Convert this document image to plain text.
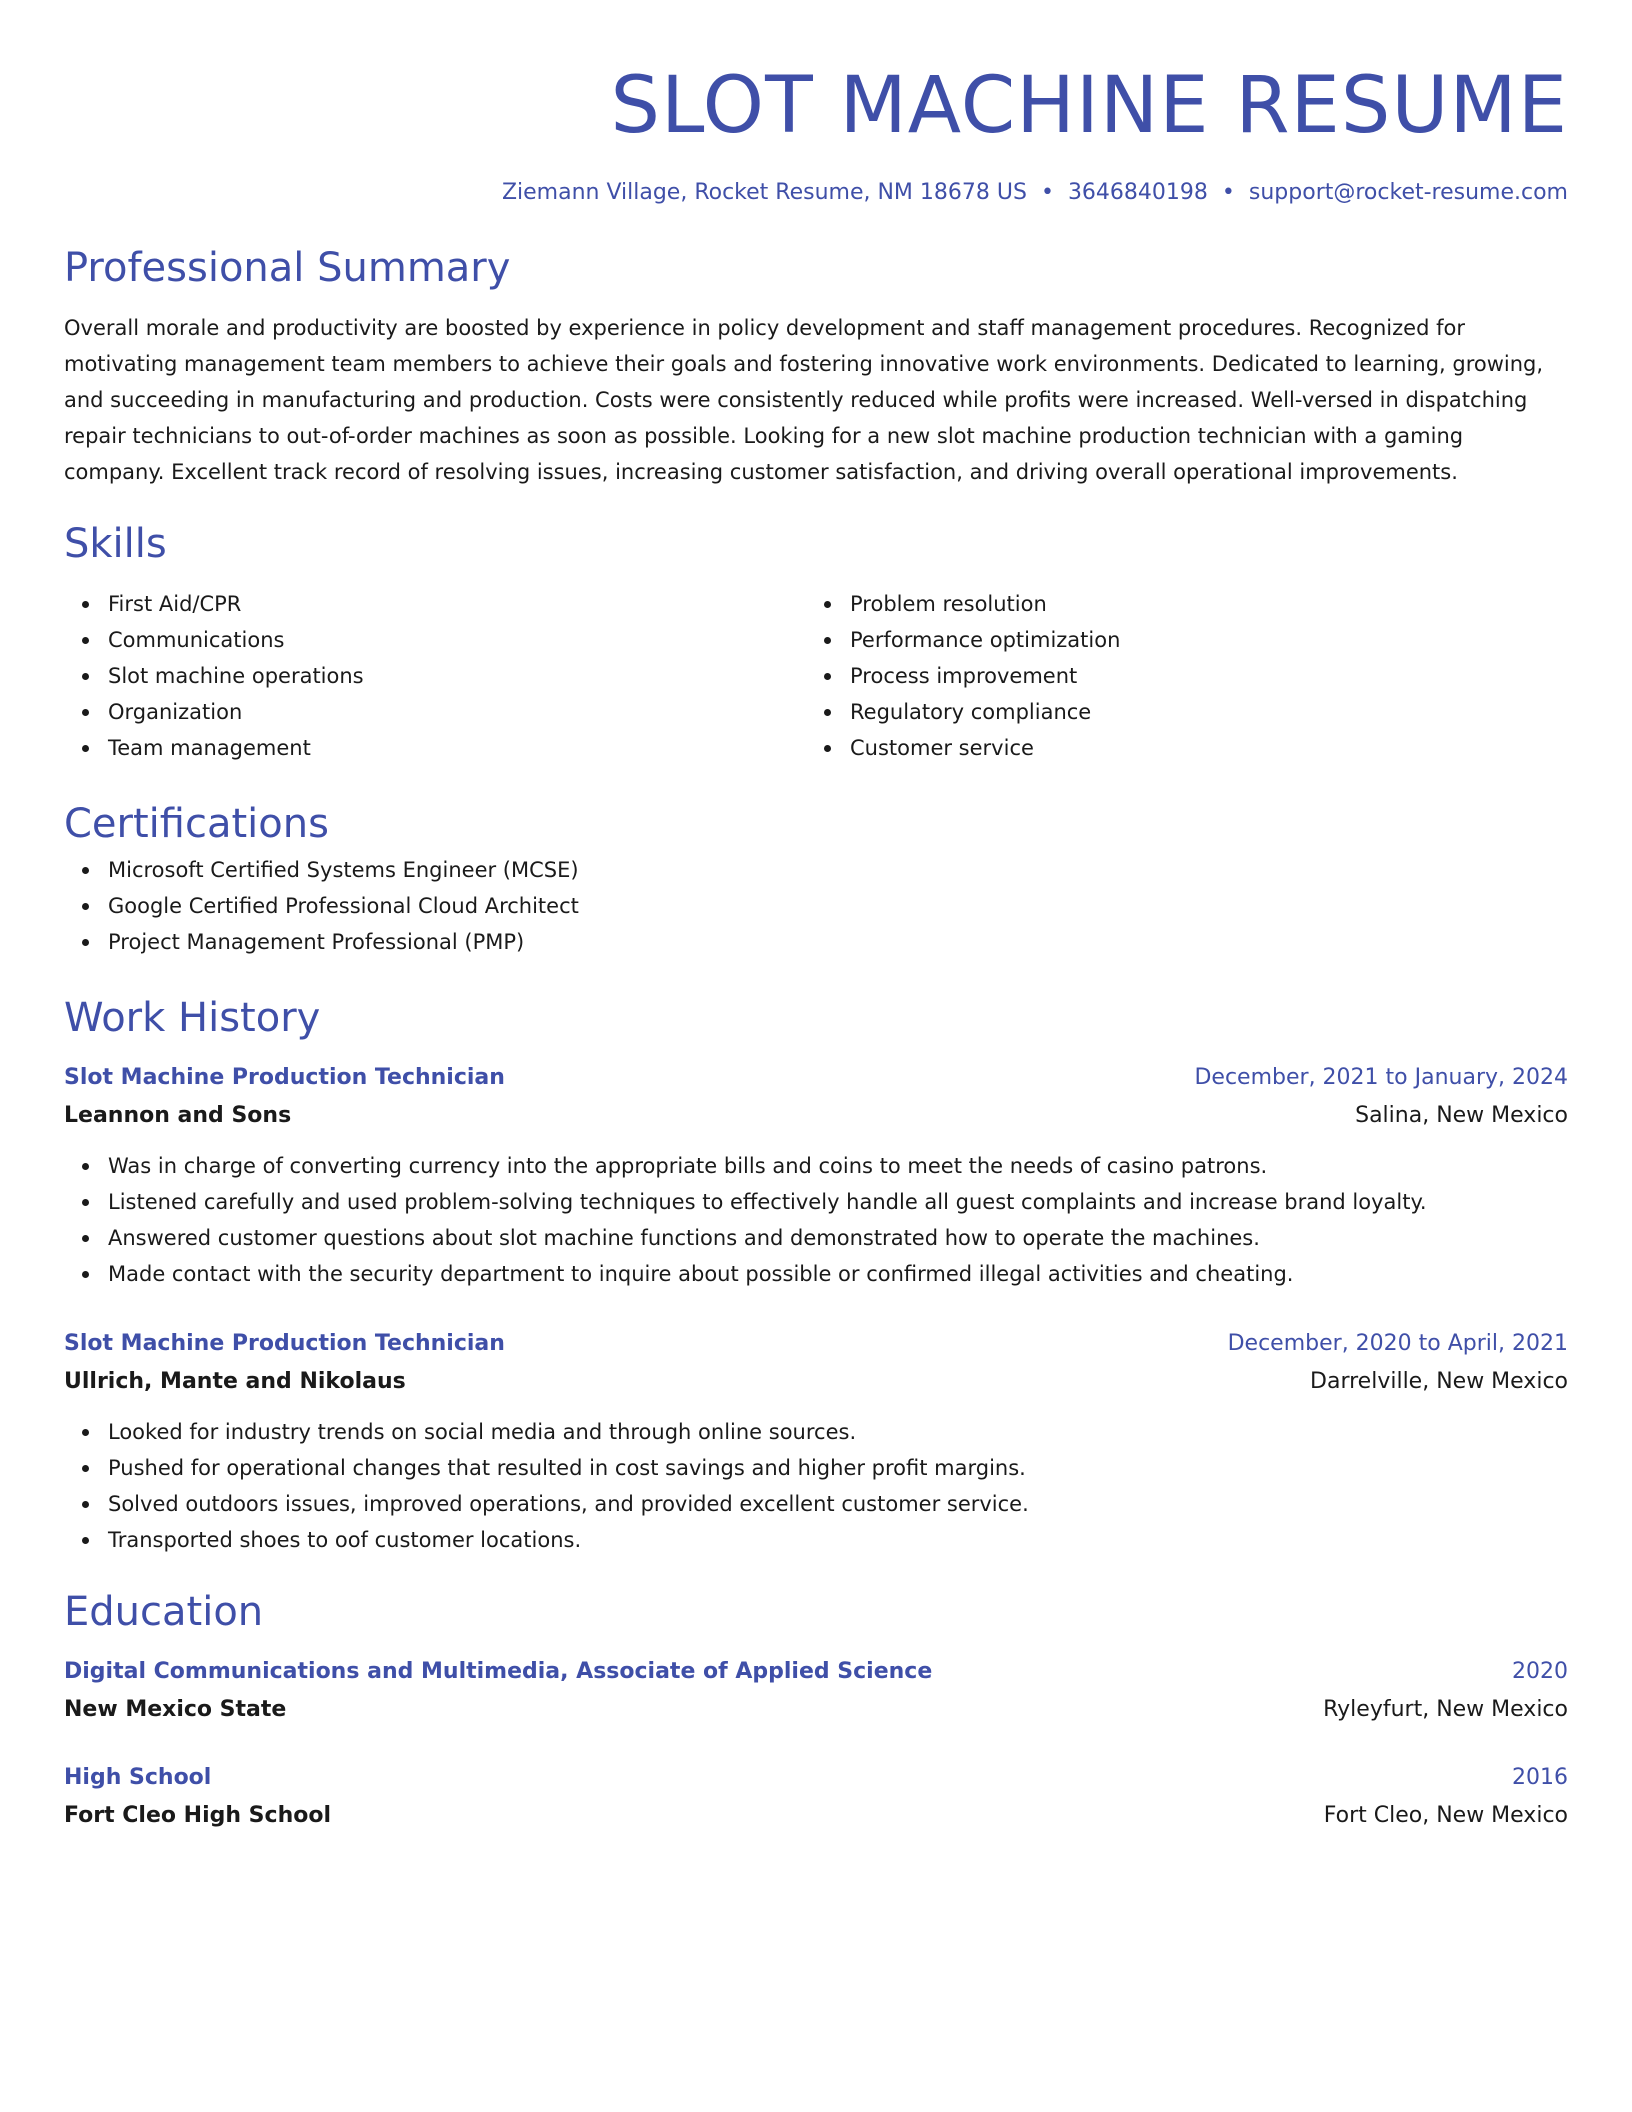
SLOT MACHINE RESUME
Ziemann Village, Rocket Resume, NM 18678 US • 3646840198 • support@rocket-resume.com
Professional Summary
Overall morale and productivity are boosted by experience in policy development and staff management procedures. Recognized for motivating management team members to achieve their goals and fostering innovative work environments. Dedicated to learning, growing, and succeeding in manufacturing and production. Costs were consistently reduced while profits were increased. Well-versed in dispatching repair technicians to out-of-order machines as soon as possible. Looking for a new slot machine production technician with a gaming company. Excellent track record of resolving issues, increasing customer satisfaction, and driving overall operational improvements.
Skills
First Aid/CPR
Communications
Slot machine operations
Organization
Team management
Problem resolution
Performance optimization
Process improvement
Regulatory compliance
Customer service
Certifications
Microsoft Certified Systems Engineer (MCSE)
Google Certified Professional Cloud Architect
Project Management Professional (PMP)
Work History
Slot Machine Production Technician	December, 2021 to January, 2024
Leannon and Sons	Salina, New Mexico
Was in charge of converting currency into the appropriate bills and coins to meet the needs of casino patrons.
Listened carefully and used problem-solving techniques to effectively handle all guest complaints and increase brand loyalty.
Answered customer questions about slot machine functions and demonstrated how to operate the machines.
Made contact with the security department to inquire about possible or confirmed illegal activities and cheating.
Slot Machine Production Technician	December, 2020 to April, 2021
Ullrich, Mante and Nikolaus	Darrelville, New Mexico
Looked for industry trends on social media and through online sources.
Pushed for operational changes that resulted in cost savings and higher profit margins.
Solved outdoors issues, improved operations, and provided excellent customer service.
Transported shoes to oof customer locations.
Education
Digital Communications and Multimedia, Associate of Applied Science	2020
New Mexico State	Ryleyfurt, New Mexico
High School	2016
Fort Cleo High School	Fort Cleo, New Mexico
